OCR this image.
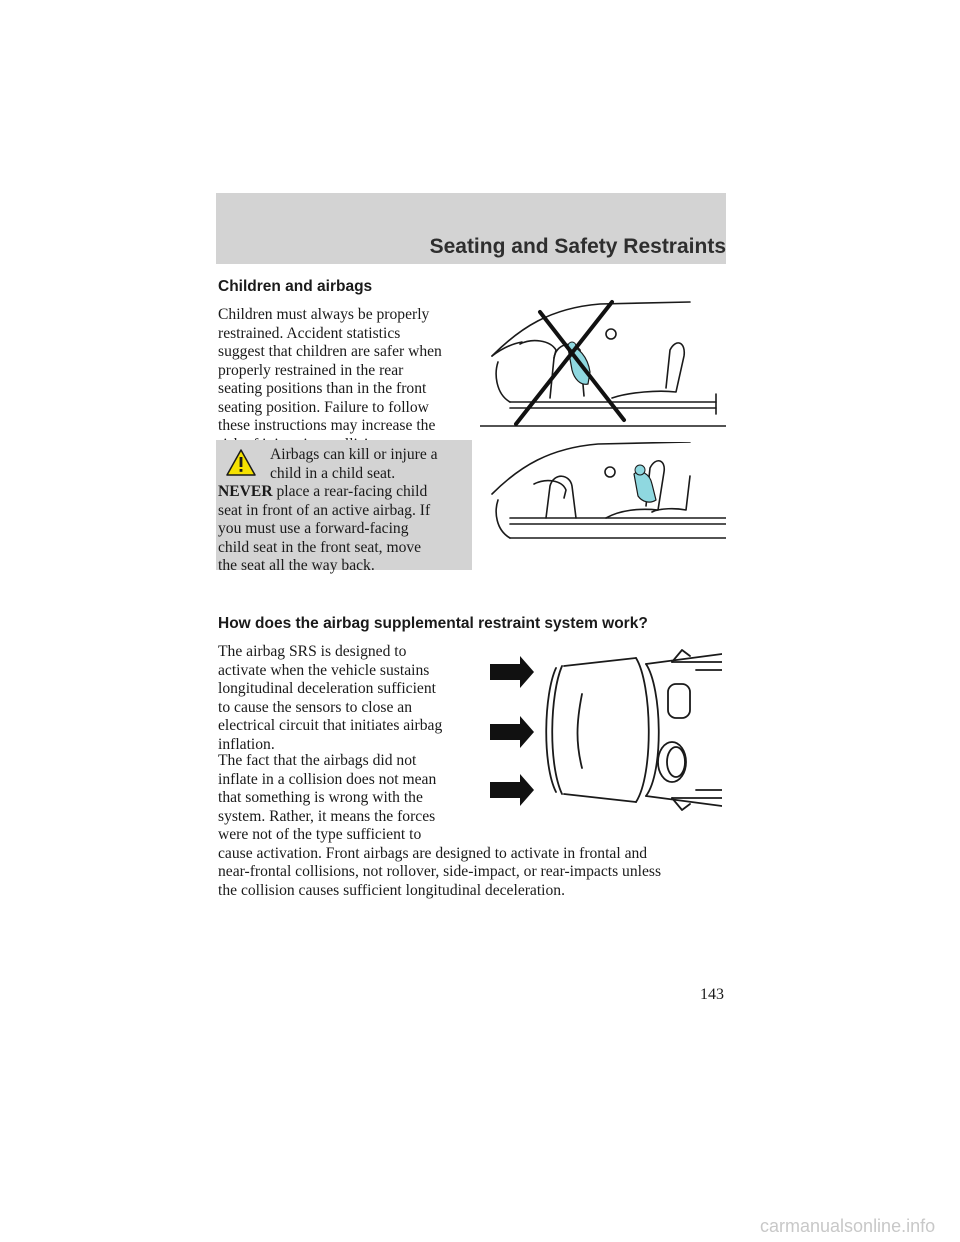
Seating and Safety Restraints
Children and airbags

Children must always be properly
restrained. Accident statistics
suggest that children are safer when
properly restrained in the rear
seating positions than in the front
seating position. Failure to follow
these instructions may increase the

Airbags can kill or injure a
child in a child seat.
NEVER place a rear-facing child
seat in front of an active airbag. If
you must use a forward-facing
child seat in the front seat, move
the seat all the way back.

How does the airbag supplemental restraint system work?

The airbag SRS is designed to
activate when the vehicle sustains
longitudinal deceleration sufficient
to cause the sensors to close an
electrical circuit that initiates airbag
inflation.

The fact that the airbags did not
inflate in a collision does not mean
that something is wrong with the
system. Rather, it means the forces
were not of the type sufficient to
cause activation. Front airbags are designed to activate in frontal and
near-frontal collisions, not rollover, side-impact, or rear-impacts unless
the collision causes sufficient longitudinal deceleration.

143
carmanualsonline.info
